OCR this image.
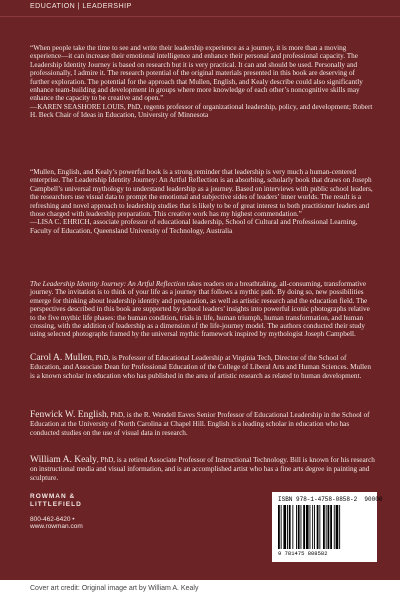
EDUCATION | LEADERSHIP

“When people take the time to see and write their leadership experience as a journey, it is more than a moving experience—it can increase their emotional intelligence and enhance their personal and professional capacity. The Leadership Identity Journey is based on research but it is very practical. It can and should be used. Personally and professionally, I admire it. The research potential of the original materials presented in this book are deserving of further exploration. The potential for the approach that Mullen, English, and Kealy describe could also significantly enhance team-building and development in groups where more knowledge of each other’s noncognitive skills may enhance the capacity to be creative and open.”
—KAREN SEASHORE LOUIS, PhD, regents professor of organizational leadership, policy, and development; Robert H. Beck Chair of Ideas in Education, University of Minnesota

“Mullen, English, and Kealy’s powerful book is a strong reminder that leadership is very much a human-centered enterprise. The Leadership Identity Journey: An Artful Reflection is an absorbing, scholarly book that draws on Joseph Campbell’s universal mythology to understand leadership as a journey. Based on interviews with public school leaders, the researchers use visual data to prompt the emotional and subjective sides of leaders’ inner worlds. The result is a refreshing and novel approach to leadership studies that is likely to be of great interest to both practitioner leaders and those charged with leadership preparation. This creative work has my highest commendation.”
—LISA C. EHRICH, associate professor of educational leadership, School of Cultural and Professional Learning, Faculty of Education, Queensland University of Technology, Australia

The Leadership Identity Journey: An Artful Reflection takes readers on a breathtaking, all-consuming, transformative journey. The invitation is to think of your life as a journey that follows a mythic path. By doing so, new possibilities emerge for thinking about leadership identity and preparation, as well as artistic research and the education field. The perspectives described in this book are supported by school leaders’ insights into powerful iconic photographs relative to the five mythic life phases: the human condition, trials in life, human triumph, human transformation, and human crossing, with the addition of leadership as a dimension of the life-journey model. The authors conducted their study using selected photographs framed by the universal mythic framework inspired by mythologist Joseph Campbell.

Carol A. Mullen, PhD, is Professor of Educational Leadership at Virginia Tech, Director of the School of Education, and Associate Dean for Professional Education of the College of Liberal Arts and Human Sciences. Mullen is a known scholar in education who has published in the area of artistic research as related to human development.

Fenwick W. English, PhD, is the R. Wendell Eaves Senior Professor of Educational Leadership in the School of Education at the University of North Carolina at Chapel Hill. English is a leading scholar in education who has conducted studies on the use of visual data in research.

William A. Kealy, PhD, is a retired Associate Professor of Instructional Technology. Bill is known for his research on instructional media and visual information, and is an accomplished artist who has a fine arts degree in painting and sculpture.

ROWMAN &
LITTLEFIELD
800-462-6420 • www.rowman.com
ISBN 978-1-4758-0858-2 90000
9 781475 808582
Cover art credit: Original image art by William A. Kealy
